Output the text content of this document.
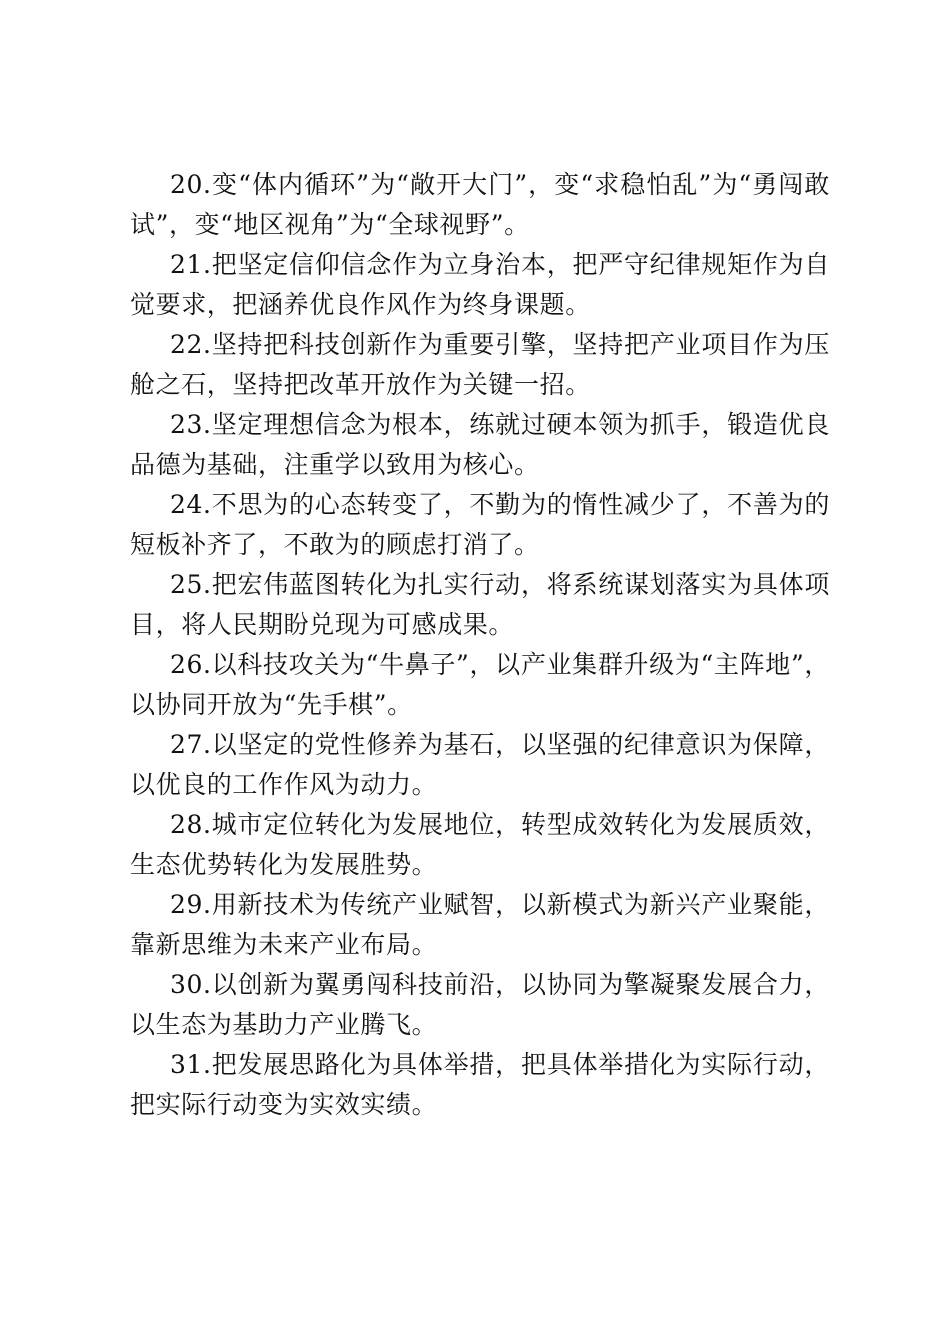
20.变“体内循环”为“敞开大门”，变“求稳怕乱”为“勇闯敢试”，变“地区视角”为“全球视野”。

21.把坚定信仰信念作为立身治本，把严守纪律规矩作为自觉要求，把涵养优良作风作为终身课题。

22.坚持把科技创新作为重要引擎，坚持把产业项目作为压舱之石，坚持把改革开放作为关键一招。

23.坚定理想信念为根本，练就过硬本领为抓手，锻造优良品德为基础，注重学以致用为核心。

24.不思为的心态转变了，不勤为的惰性减少了，不善为的短板补齐了，不敢为的顾虑打消了。

25.把宏伟蓝图转化为扎实行动，将系统谋划落实为具体项目，将人民期盼兑现为可感成果。

26.以科技攻关为“牛鼻子”，以产业集群升级为“主阵地”，以协同开放为“先手棋”。

27.以坚定的党性修养为基石，以坚强的纪律意识为保障，以优良的工作作风为动力。

28.城市定位转化为发展地位，转型成效转化为发展质效，生态优势转化为发展胜势。

29.用新技术为传统产业赋智，以新模式为新兴产业聚能，靠新思维为未来产业布局。

30.以创新为翼勇闯科技前沿，以协同为擎凝聚发展合力，以生态为基助力产业腾飞。

31.把发展思路化为具体举措，把具体举措化为实际行动，把实际行动变为实效实绩。
